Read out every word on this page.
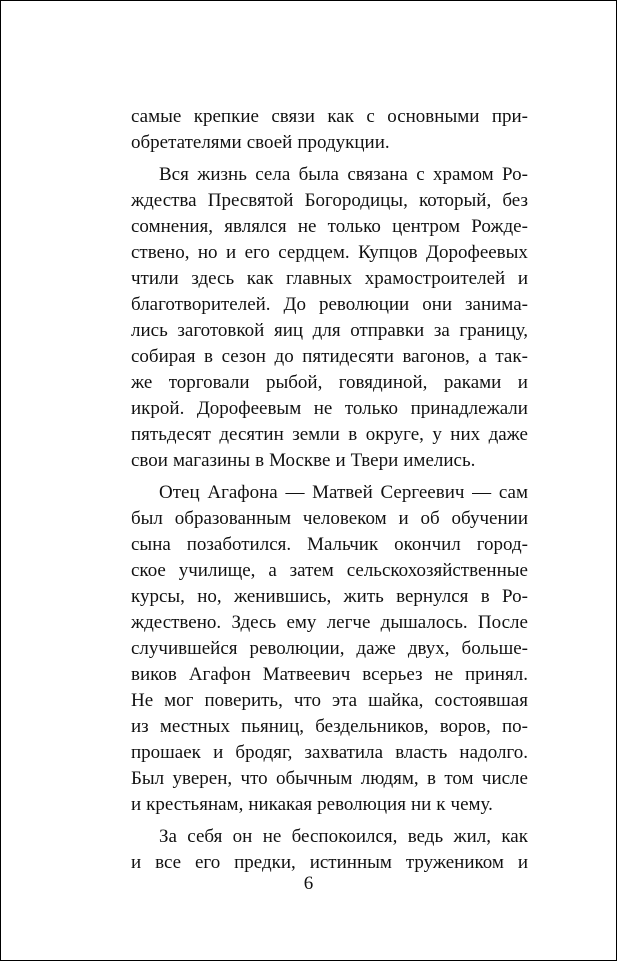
самые крепкие связи как с основными при-
обретателями своей продукции.
Вся жизнь села была связана с храмом Ро-
ждества Пресвятой Богородицы, который, без
сомнения, являлся не только центром Рожде-
ствено, но и его сердцем. Купцов Дорофеевых
чтили здесь как главных храмостроителей и
благотворителей. До революции они занима-
лись заготовкой яиц для отправки за границу,
собирая в сезон до пятидесяти вагонов, а так-
же торговали рыбой, говядиной, раками и
икрой. Дорофеевым не только принадлежали
пятьдесят десятин земли в округе, у них даже
свои магазины в Москве и Твери имелись.
Отец Агафона — Матвей Сергеевич — сам
был образованным человеком и об обучении
сына позаботился. Мальчик окончил город-
ское училище, а затем сельскохозяйственные
курсы, но, женившись, жить вернулся в Ро-
ждествено. Здесь ему легче дышалось. После
случившейся революции, даже двух, больше-
виков Агафон Матвеевич всерьез не принял.
Не мог поверить, что эта шайка, состоявшая
из местных пьяниц, бездельников, воров, по-
прошаек и бродяг, захватила власть надолго.
Был уверен, что обычным людям, в том числе
и крестьянам, никакая революция ни к чему.
За себя он не беспокоился, ведь жил, как
и все его предки, истинным тружеником и
6
